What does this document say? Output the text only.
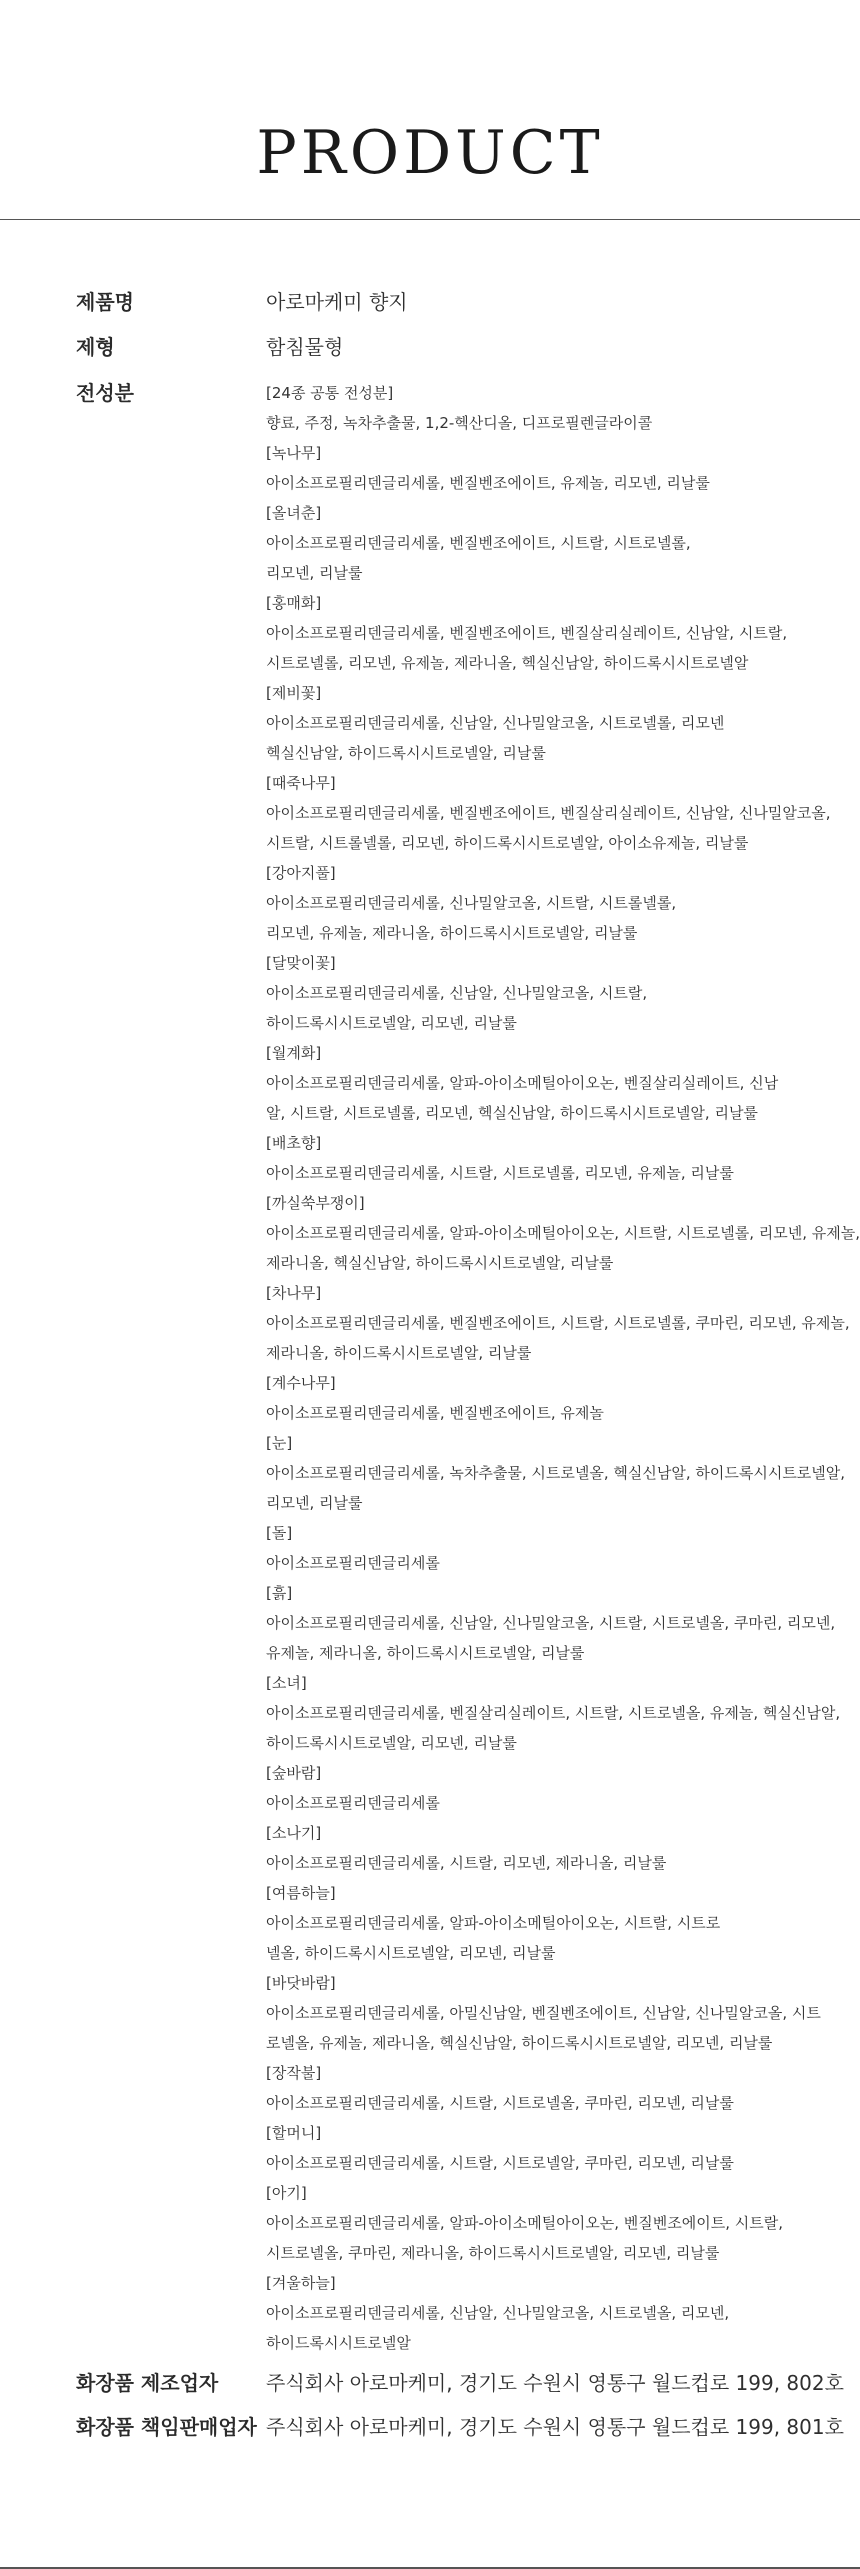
PRODUCT
제품명	아로마케미 향지
제형	함침물형
전성분	[24종 공통 전성분]
향료, 주정, 녹차추출물, 1,2-헥산디올, 디프로필렌글라이콜
[녹나무]
아이소프로필리덴글리세롤, 벤질벤조에이트, 유제놀, 리모넨, 리날룰
[올녀춘]
아이소프로필리덴글리세롤, 벤질벤조에이트, 시트랄, 시트로넬롤,
리모넨, 리날룰
[홍매화]
아이소프로필리덴글리세롤, 벤질벤조에이트, 벤질살리실레이트, 신남알, 시트랄,
시트로넬롤, 리모넨, 유제놀, 제라니올, 헥실신남알, 하이드록시시트로넬알
[제비꽃]
아이소프로필리덴글리세롤, 신남알, 신나밀알코올, 시트로넬롤, 리모넨
헥실신남알, 하이드록시시트로넬알, 리날룰
[때죽나무]
아이소프로필리덴글리세롤, 벤질벤조에이트, 벤질살리실레이트, 신남알, 신나밀알코올,
시트랄, 시트롤넬롤, 리모넨, 하이드록시시트로넬알, 아이소유제놀, 리날룰
[강아지풀]
아이소프로필리덴글리세롤, 신나밀알코올, 시트랄, 시트롤넬롤,
리모넨, 유제놀, 제라니올, 하이드록시시트로넬알, 리날룰
[달맞이꽃]
아이소프로필리덴글리세롤, 신남알, 신나밀알코올, 시트랄,
하이드록시시트로넬알, 리모넨, 리날룰
[월계화]
아이소프로필리덴글리세롤, 알파-아이소메틸아이오논, 벤질살리실레이트, 신남
알, 시트랄, 시트로넬롤, 리모넨, 헥실신남알, 하이드록시시트로넬알, 리날룰
[배초향]
아이소프로필리덴글리세롤, 시트랄, 시트로넬롤, 리모넨, 유제놀, 리날룰
[까실쑥부쟁이]
아이소프로필리덴글리세롤, 알파-아이소메틸아이오논, 시트랄, 시트로넬롤, 리모넨, 유제놀,
제라니올, 헥실신남알, 하이드록시시트로넬알, 리날룰
[차나무]
아이소프로필리덴글리세롤, 벤질벤조에이트, 시트랄, 시트로넬롤, 쿠마린, 리모넨, 유제놀,
제라니올, 하이드록시시트로넬알, 리날룰
[계수나무]
아이소프로필리덴글리세롤, 벤질벤조에이트, 유제놀
[눈]
아이소프로필리덴글리세롤, 녹차추출물, 시트로넬올, 헥실신남알, 하이드록시시트로넬알,
리모넨, 리날룰
[돌]
아이소프로필리덴글리세롤
[흙]
아이소프로필리덴글리세롤, 신남알, 신나밀알코올, 시트랄, 시트로넬올, 쿠마린, 리모넨,
유제놀, 제라니올, 하이드록시시트로넬알, 리날룰
[소녀]
아이소프로필리덴글리세롤, 벤질살리실레이트, 시트랄, 시트로넬올, 유제놀, 헥실신남알,
하이드록시시트로넬알, 리모넨, 리날룰
[숲바람]
아이소프로필리덴글리세롤
[소나기]
아이소프로필리덴글리세롤, 시트랄, 리모넨, 제라니올, 리날룰
[여름하늘]
아이소프로필리덴글리세롤, 알파-아이소메틸아이오논, 시트랄, 시트로
넬올, 하이드록시시트로넬알, 리모넨, 리날룰
[바닷바람]
아이소프로필리덴글리세롤, 아밀신남알, 벤질벤조에이트, 신남알, 신나밀알코올, 시트
로넬올, 유제놀, 제라니올, 헥실신남알, 하이드록시시트로넬알, 리모넨, 리날룰
[장작불]
아이소프로필리덴글리세롤, 시트랄, 시트로넬올, 쿠마린, 리모넨, 리날룰
[할머니]
아이소프로필리덴글리세롤, 시트랄, 시트로넬알, 쿠마린, 리모넨, 리날룰
[아기]
아이소프로필리덴글리세롤, 알파-아이소메틸아이오논, 벤질벤조에이트, 시트랄,
시트로넬올, 쿠마린, 제라니올, 하이드록시시트로넬알, 리모넨, 리날룰
[겨울하늘]
아이소프로필리덴글리세롤, 신남알, 신나밀알코올, 시트로넬올, 리모넨,
하이드록시시트로넬알
화장품 제조업자 주식회사 아로마케미, 경기도 수원시 영통구 월드컵로 199, 802호
화장품 책임판매업자 주식회사 아로마케미, 경기도 수원시 영통구 월드컵로 199, 801호
